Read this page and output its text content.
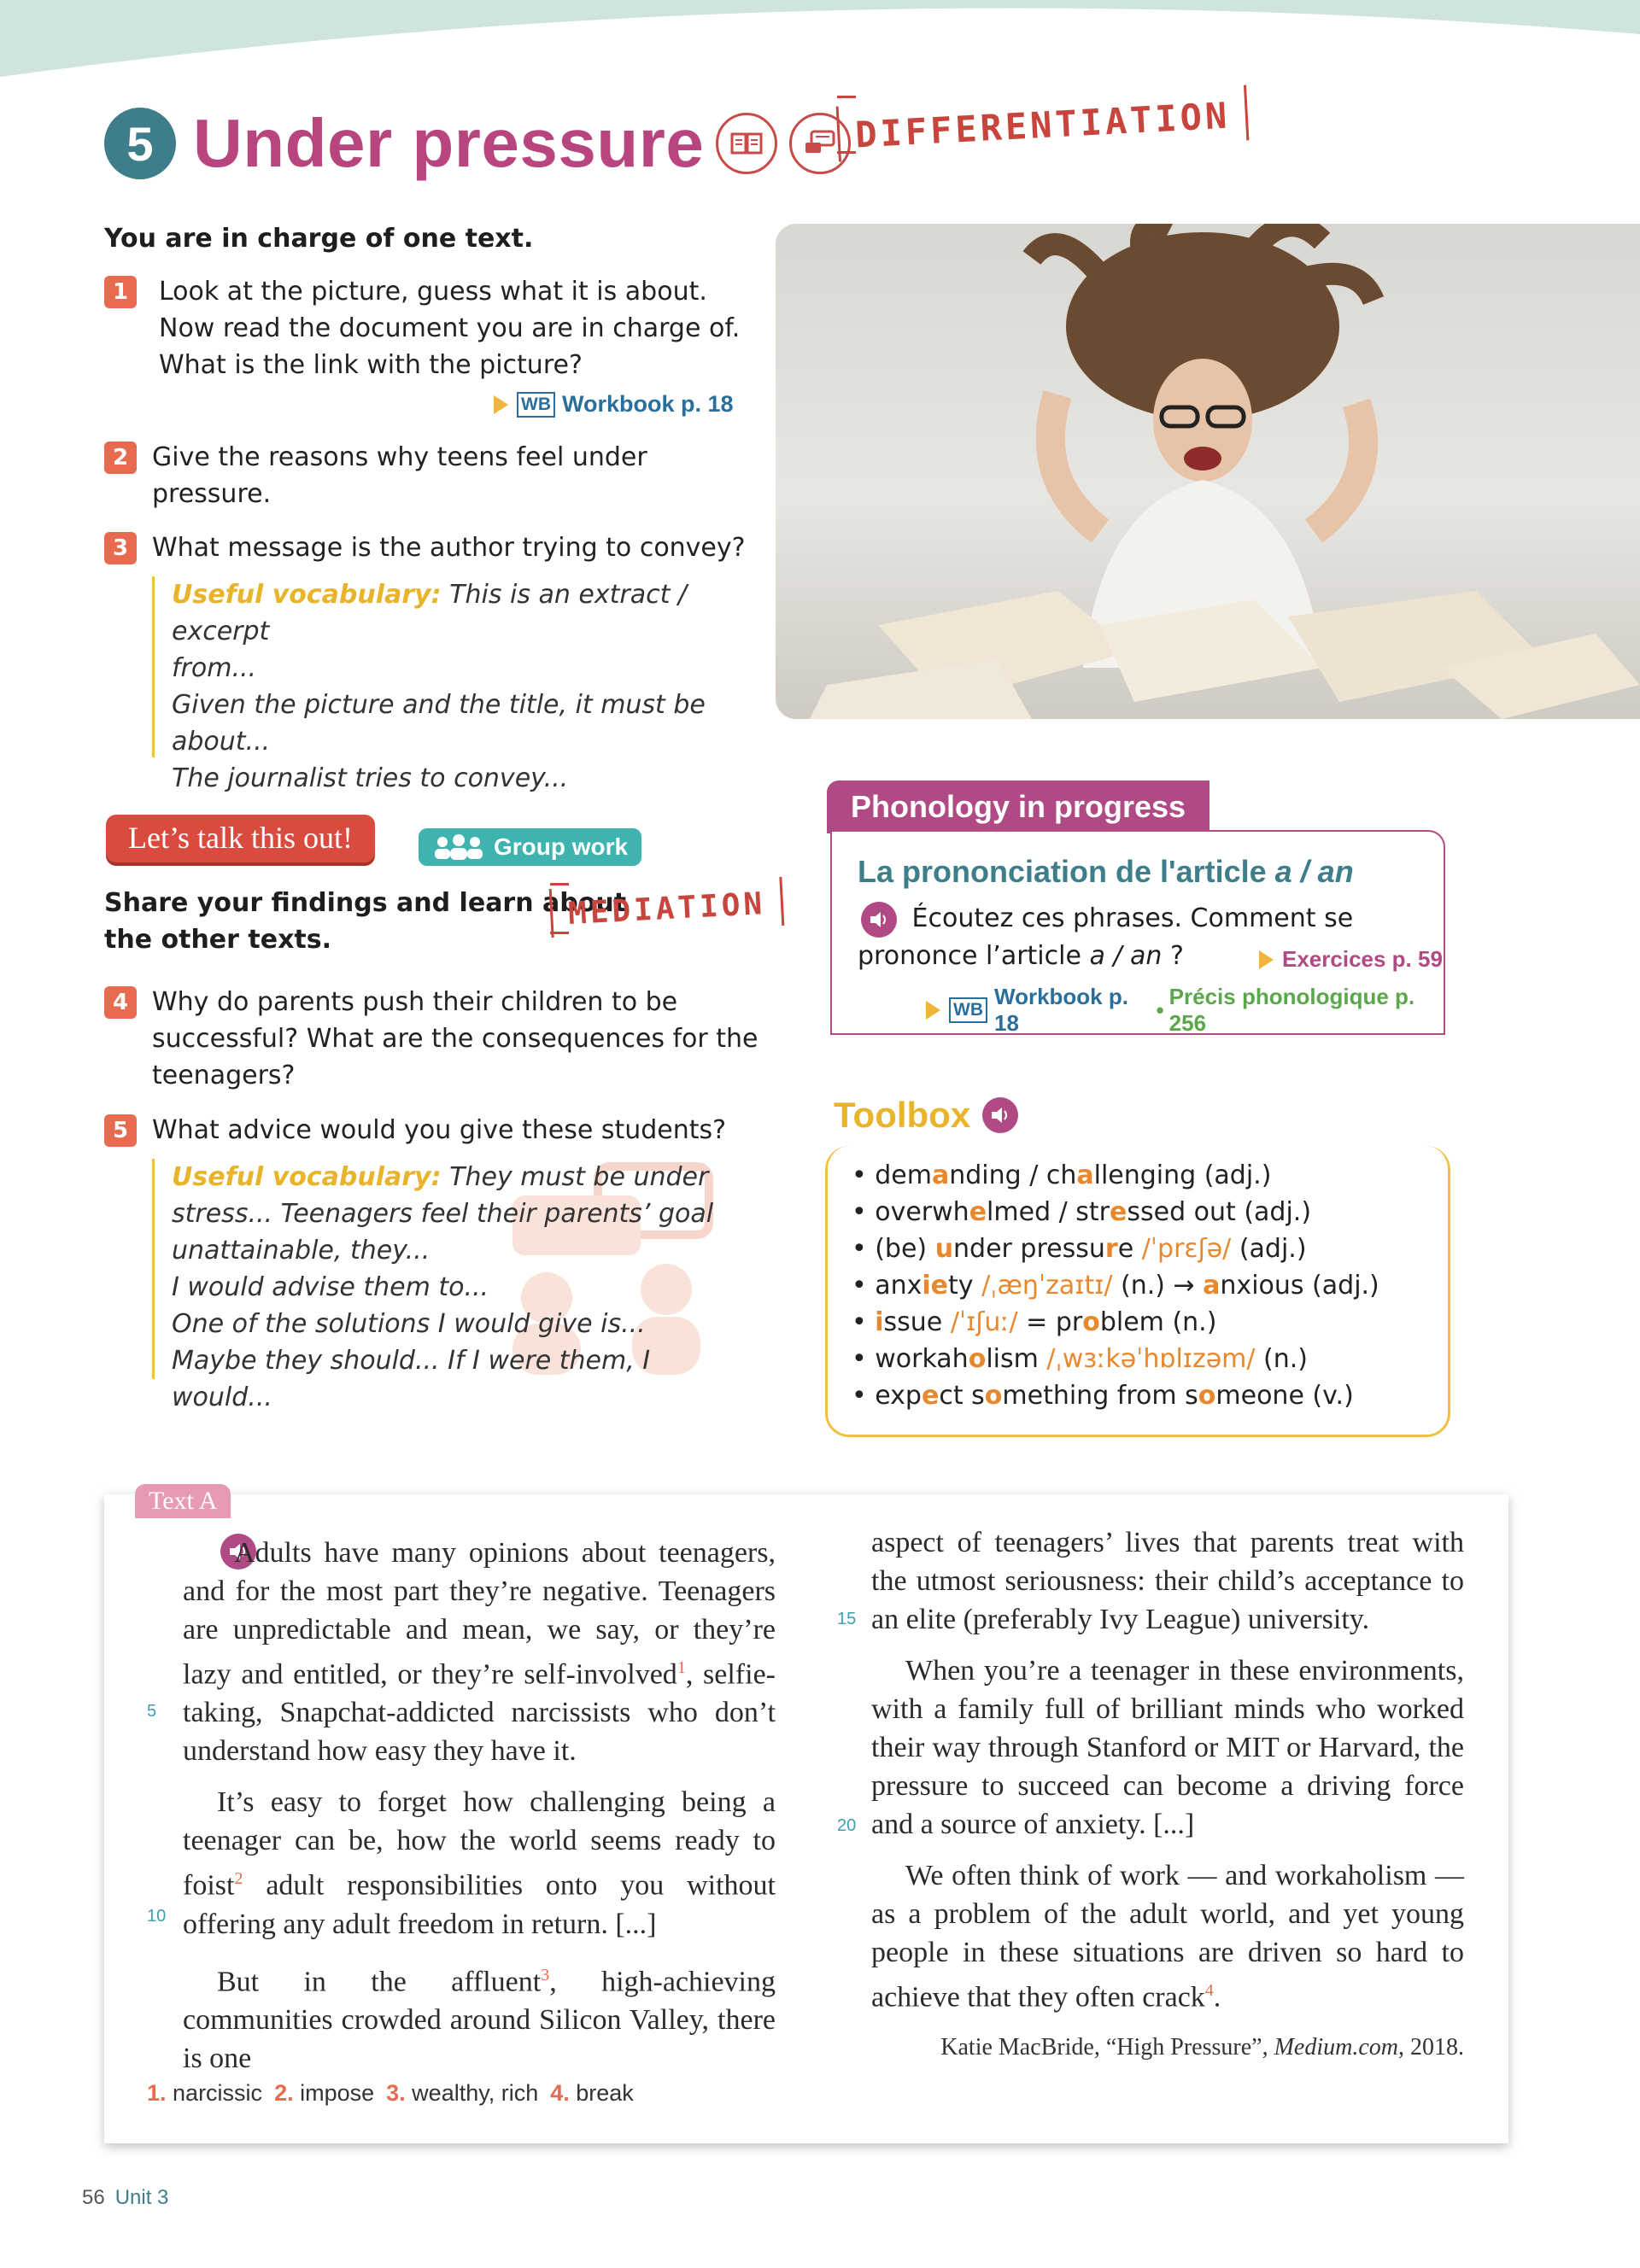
5 Under pressure	DIFFERENTIATION
You are in charge of one text.
1	Look at the picture, guess what it is about.
Now read the document you are in charge of.
What is the link with the picture?
WB Workbook p. 18
2 Give the reasons why teens feel under
pressure.
3 What message is the author trying to convey?
Useful vocabulary: This is an extract / excerpt
from...
Given the picture and the title, it must be
about...
The journalist tries to convey...
Let’s talk this out!	Group work
Share your findings and learn about
the other texts.
MEDIATION
4 Why do parents push their children to be
successful? What are the consequences for the
teenagers?
5 What advice would you give these students?
Useful vocabulary: They must be under
stress... Teenagers feel their parents’ goal
unattainable, they...
I would advise them to...
One of the solutions I would give is...
Maybe they should... If I were them, I would...
Phonology in progress
La prononciation de l'article a / an
Écoutez ces phrases. Comment se
prononce l’article a / an ?	Exercices p. 59
WB
Workbook p. 18
•
Précis phonologique p. 256
Toolbox
• demanding / challenging (adj.)
• overwhelmed / stressed out (adj.)
• (be) under pressure /ˈprɛʃə/ (adj.)
• anxiety /ˌæŋˈzaɪtɪ/ (n.) → anxious (adj.)
• issue /ˈɪʃuː/ = problem (n.)
• workaholism /ˌwɜːkəˈhɒlɪzəm/ (n.)
• expect something from someone (v.)
Text A

Adults have many opinions about teenagers, and for the most part they’re negative. Teenagers are unpredictable and mean, we say, or they’re lazy and entitled, or they’re self-involved$^1$, selfie-taking, Snapchat-addicted narcissists who don’t understand how easy they have it.

It’s easy to forget how challenging being a teenager can be, how the world seems ready to foist$^2$ adult responsibilities onto you without offering any adult freedom in return. [...]

But in the affluent$^3$, high-achieving communities crowded around Silicon Valley, there is one

aspect of teenagers’ lives that parents treat with the utmost seriousness: their child’s acceptance to an elite (preferably Ivy League) university.

When you’re a teenager in these environments, with a family full of brilliant minds who worked their way through Stanford or MIT or Harvard, the pressure to succeed can become a driving force and a source of anxiety. [...]

We often think of work — and workaholism — as a problem of the adult world, and yet young people in these situations are driven so hard to achieve that they often crack$^4$.

5
10
15
20
Katie MacBride, “High Pressure”, Medium.com, 2018.
1. narcissic 2. impose 3. wealthy, rich 4. break
56 Unit 3
